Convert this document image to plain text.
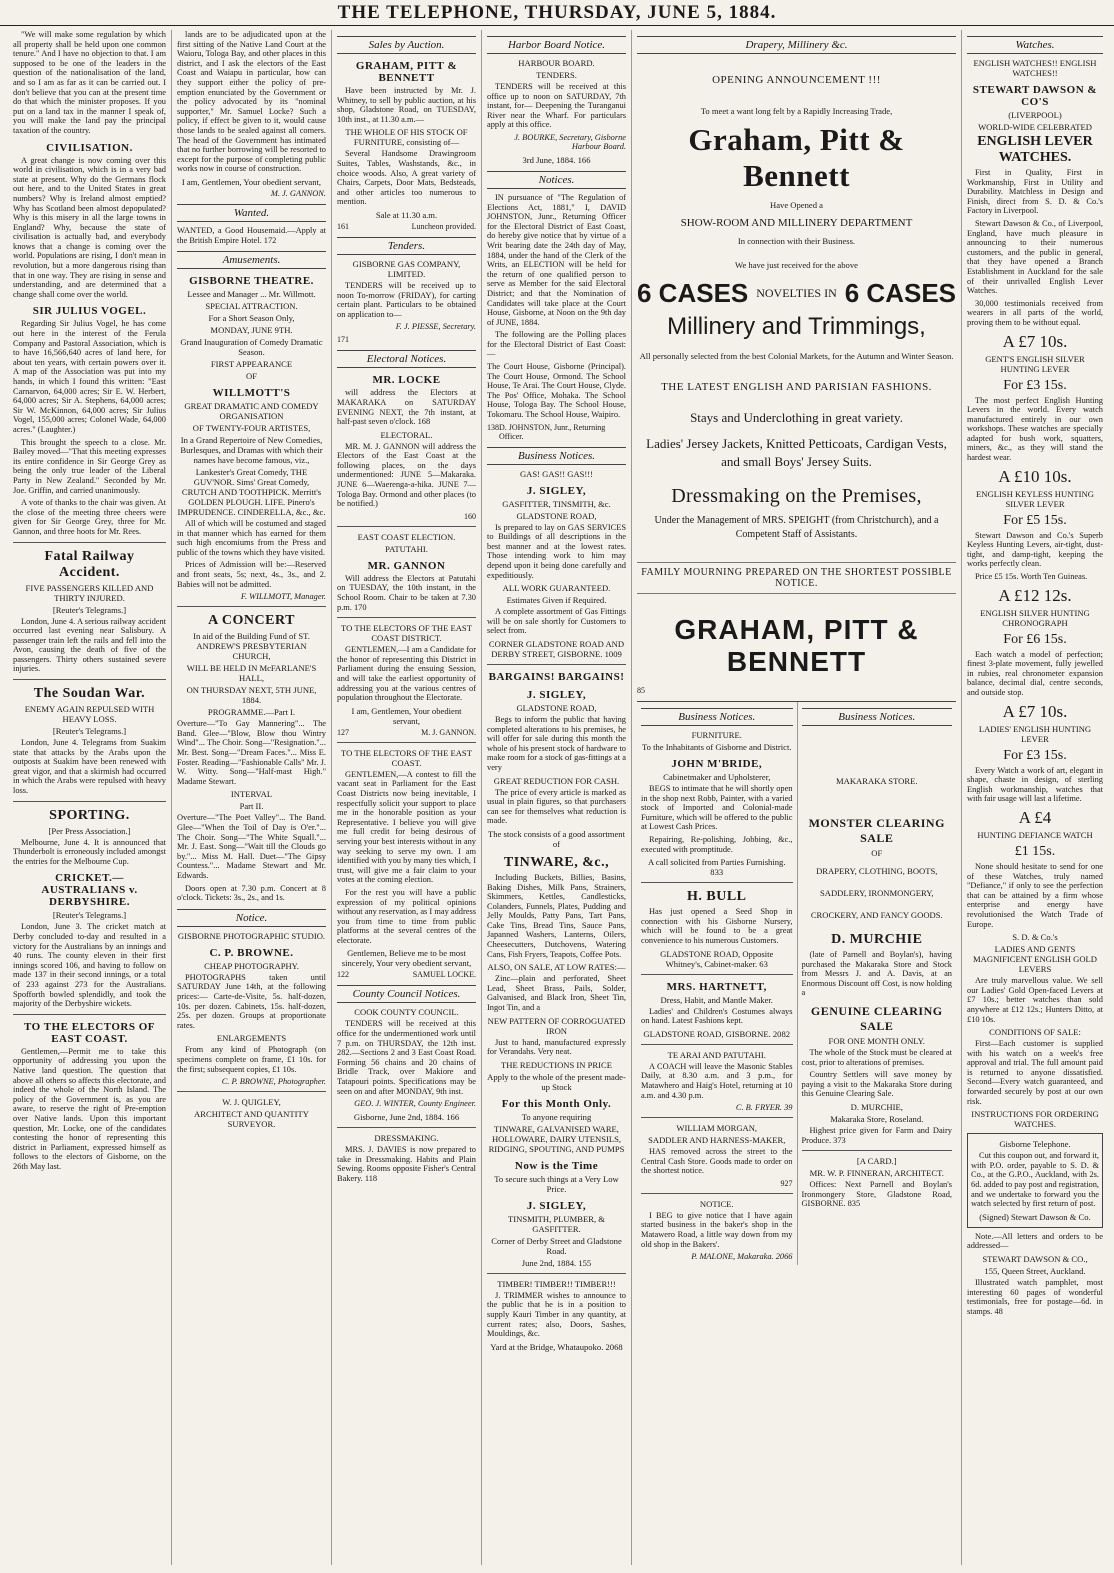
THE TELEPHONE, THURSDAY, JUNE 5, 1884.

"We will make some regulation by which all property shall be held upon one common tenure." And I have no objection to that. I am supposed to be one of the leaders in the question of the nationalisation of the land, and so I am as far as it can be carried out. I don't believe that you can at the present time do that which the minister proposes. If you put on a land tax in the manner I speak of, you will make the land pay the principal taxation of the country.

CIVILISATION.

A great change is now coming over this world in civilisation, which is in a very bad state at present. Why do the Germans flock out here, and to the United States in great numbers? Why is Ireland almost emptied? Why has Scotland been almost depopulated? Why is this misery in all the large towns in England? Why, because the state of civilisation is actually bad, and everybody knows that a change is coming over the world. Populations are rising, I don't mean in revolution, but a more dangerous rising than that in one way. They are rising in sense and understanding, and are determined that a change shall come over the world.

SIR JULIUS VOGEL.

Regarding Sir Julius Vogel, he has come out here in the interest of the Ferula Company and Pastoral Association, which is to have 16,566,640 acres of land here, for about ten years, with certain powers over it. A map of the Association was put into my hands, in which I found this written: "East Carnarvon, 64,000 acres; Sir E. W. Herbert, 64,000 acres; Sir A. Stephens, 64,000 acres; Sir W. McKinnon, 64,000 acres; Sir Julius Vogel, 155,000 acres; Colonel Wade, 64,000 acres." (Laughter.)

This brought the speech to a close. Mr. Bailey moved—"That this meeting expresses its entire confidence in Sir George Grey as being the only true leader of the Liberal Party in New Zealand." Seconded by Mr. Joe. Griffin, and carried unanimously.

A vote of thanks to the chair was given. At the close of the meeting three cheers were given for Sir George Grey, three for Mr. Gannon, and three hoots for Mr. Rees.

Fatal Railway Accident.
FIVE PASSENGERS KILLED AND THIRTY INJURED.
[Reuter's Telegrams.]

London, June 4. A serious railway accident occurred last evening near Salisbury. A passenger train left the rails and fell into the Avon, causing the death of five of the passengers. Thirty others sustained severe injuries.

The Soudan War.
ENEMY AGAIN REPULSED WITH HEAVY LOSS.
[Reuter's Telegrams.]

London, June 4. Telegrams from Suakim state that attacks by the Arabs upon the outposts at Suakim have been renewed with great vigor, and that a skirmish had occurred in which the Arabs were repulsed with heavy loss.

SPORTING.
[Per Press Association.]

Melbourne, June 4. It is announced that Thunderbolt is erroneously included amongst the entries for the Melbourne Cup.

CRICKET.—AUSTRALIANS v. DERBYSHIRE.
[Reuter's Telegrams.]

London, June 3. The cricket match at Derby concluded to-day and resulted in a victory for the Australians by an innings and 40 runs. The county eleven in their first innings scored 106, and having to follow on made 137 in their second innings, or a total of 233 against 273 for the Australians. Spofforth bowled splendidly, and took the majority of the Derbyshire wickets.

TO THE ELECTORS OF EAST COAST.

Gentlemen,—Permit me to take this opportunity of addressing you upon the Native land question. The question that above all others so affects this electorate, and indeed the whole of the North Island. The policy of the Government is, as you are aware, to reserve the right of Pre-emption over Native lands. Upon this important question, Mr. Locke, one of the candidates contesting the honor of representing this district in Parliament, expressed himself as follows to the electors of Gisborne, on the 26th May last.

lands are to be adjudicated upon at the first sitting of the Native Land Court at the Waioru, Tologa Bay, and other places in this district, and I ask the electors of the East Coast and Waiapu in particular, how can they support either the policy of pre-emption enunciated by the Government or the policy advocated by its "nominal supporter," Mr. Samuel Locke? Such a policy, if effect be given to it, would cause those lands to be sealed against all comers. The head of the Government has intimated that no further borrowing will be resorted to except for the purpose of completing public works now in course of construction.

I am, Gentlemen, Your obedient servant,
M. J. GANNON.
Wanted.

WANTED, a Good Housemaid.—Apply at the British Empire Hotel. 172

Amusements.
GISBORNE THEATRE.
Lessee and Manager ... Mr. Willmott.
SPECIAL ATTRACTION.
For a Short Season Only,
MONDAY, JUNE 9TH.
Grand Inauguration of Comedy Dramatic Season.
FIRST APPEARANCE
OF
WILLMOTT'S
GREAT DRAMATIC AND COMEDY ORGANISATION
OF TWENTY-FOUR ARTISTES,
In a Grand Repertoire of New Comedies, Burlesques, and Dramas with which their names have become famous, viz.,
Lankester's Great Comedy, THE GUV'NOR. Sims' Great Comedy, CRUTCH AND TOOTHPICK. Merritt's GOLDEN PLOUGH. LIFE. Pinero's IMPRUDENCE. CINDERELLA, &c., &c.

All of which will be costumed and staged in that manner which has earned for them such high encomiums from the Press and public of the towns which they have visited.

Prices of Admission will be:—Reserved and front seats, 5s; next, 4s., 3s., and 2. Babies will not be admitted.

F. WILLMOTT, Manager.
A CONCERT
In aid of the Building Fund of ST. ANDREW'S PRESBYTERIAN CHURCH,
WILL BE HELD IN McFARLANE'S HALL,
ON THURSDAY NEXT, 5TH JUNE, 1884.
PROGRAMME.—Part I.

Overture—"To Gay Mannering"... The Band. Glee—"Blow, Blow thou Wintry Wind"... The Choir. Song—"Resignation."... Mr. Best. Song—"Dream Faces."... Miss E. Foster. Reading—"Fashionable Calls" Mr. J. W. Witty. Song—"Half-mast High." Madame Stewart.

INTERVAL
Part II.

Overture—"The Poet Valley"... The Band. Glee—"When the Toil of Day is O'er."... The Choir. Song—"The White Squall."... Mr. J. East. Song—"Wait till the Clouds go by."... Miss M. Hall. Duet—"The Gipsy Countess."... Madame Stewart and Mr. Edwards.

Doors open at 7.30 p.m. Concert at 8 o'clock. Tickets: 3s., 2s., and 1s.

Notice.
GISBORNE PHOTOGRAPHIC STUDIO.
C. P. BROWNE.
CHEAP PHOTOGRAPHY.

PHOTOGRAPHS taken until SATURDAY June 14th, at the following prices:— Carte-de-Visite, 5s. half-dozen, 10s. per dozen. Cabinets, 15s. half-dozen, 25s. per dozen. Groups at proportionate rates.

ENLARGEMENTS

From any kind of Photograph (on specimens complete on frame, £1 10s. for the first; subsequent copies, £1 10s.

C. P. BROWNE, Photographer.
W. J. QUIGLEY,
ARCHITECT AND QUANTITY SURVEYOR.
Sales by Auction.
GRAHAM, PITT & BENNETT

Have been instructed by Mr. J. Whitney, to sell by public auction, at his shop, Gladstone Road, on TUESDAY, 10th inst., at 11.30 a.m.—

THE WHOLE OF HIS STOCK OF FURNITURE, consisting of—

Several Handsome Drawingroom Suites, Tables, Washstands, &c., in choice woods. Also, A great variety of Chairs, Carpets, Door Mats, Bedsteads, and other articles too numerous to mention.

Sale at 11.30 a.m.
161	Luncheon provided.
Tenders.
GISBORNE GAS COMPANY, LIMITED.

TENDERS will be received up to noon To-morrow (FRIDAY), for carting certain plant. Particulars to be obtained on application to—

F. J. PIESSE, Secretary.
171
Electoral Notices.
MR. LOCKE

will address the Electors at MAKARAKA on SATURDAY EVENING NEXT, the 7th instant, at half-past seven o'clock. 168

ELECTORAL.

MR. M. J. GANNON will address the Electors of the East Coast at the following places, on the days undermentioned: JUNE 5—Makaraka. JUNE 6—Waerenga-a-hika. JUNE 7—Tologa Bay. Ormond and other places (to be notified.)

160
EAST COAST ELECTION.
PATUTAHI.
MR. GANNON

Will address the Electors at Patutahi on TUESDAY, the 10th instant, in the School Room. Chair to be taken at 7.30 p.m. 170

TO THE ELECTORS OF THE EAST COAST DISTRICT.

GENTLEMEN,—I am a Candidate for the honor of representing this District in Parliament during the ensuing Session, and will take the earliest opportunity of addressing you at the various centres of population throughout the Electorate.

I am, Gentlemen, Your obedient servant,
127	M. J. GANNON.
TO THE ELECTORS OF THE EAST COAST.

GENTLEMEN,—A contest to fill the vacant seat in Parliament for the East Coast Districts now being inevitable, I respectfully solicit your support to place me in the honorable position as your Representative. I believe you will give me full credit for being desirous of serving your best interests without in any way seeking to serve my own. I am identified with you by many ties which, I trust, will give me a fair claim to your votes at the coming election.

For the rest you will have a public expression of my political opinions without any reservation, as I may address you from time to time from public platforms at the several centres of the electorate.

Gentlemen, Believe me to be most sincerely, Your very obedient servant,
122	SAMUEL LOCKE.
County Council Notices.
COOK COUNTY COUNCIL.

TENDERS will be received at this office for the undermentioned work until 7 p.m. on THURSDAY, the 12th inst. 282.—Sections 2 and 3 East Coast Road. Forming 56 chains and 20 chains of Bridle Track, over Makiore and Tatapouri points. Specifications may be seen on and after MONDAY, 9th inst.

GEO. J. WINTER, County Engineer.
Gisborne, June 2nd, 1884. 166
DRESSMAKING.

MRS. J. DAVIES is now prepared to take in Dressmaking. Habits and Plain Sewing. Rooms opposite Fisher's Central Bakery. 118

Harbor Board Notice.
HARBOUR BOARD.
TENDERS.

TENDERS will be received at this office up to noon on SATURDAY, 7th instant, for— Deepening the Turanganui River near the Wharf. For particulars apply at this office.

J. BOURKE, Secretary, Gisborne Harbour Board.
3rd June, 1884. 166
Notices.

IN pursuance of "The Regulation of Elections Act, 1881," I, DAVID JOHNSTON, Junr., Returning Officer for the Electoral District of East Coast, do hereby give notice that by virtue of a Writ bearing date the 24th day of May, 1884, under the hand of the Clerk of the Writs, an ELECTION will be held for the return of one qualified person to serve as Member for the said Electoral District; and that the Nomination of Candidates will take place at the Court House, Gisborne, at Noon on the 9th day of JUNE, 1884.

The following are the Polling places for the Electoral District of East Coast:—

The Court House, Gisborne (Principal). The Court House, Ormond. The School House, Te Arai. The Court House, Clyde. The Pos' Office, Mohaka. The School House, Tologa Bay. The School House, Tokomaru. The School House, Waipiro.

138 D. JOHNSTON, Junr., Returning Officer.
Business Notices.
GAS! GAS!! GAS!!!
J. SIGLEY,
GASFITTER, TINSMITH, &c.
GLADSTONE ROAD,

Is prepared to lay on GAS SERVICES to Buildings of all descriptions in the best manner and at the lowest rates. Those intending work to him may depend upon it being done carefully and expeditiously.

ALL WORK GUARANTEED.
Estimates Given if Required.

A complete assortment of Gas Fittings will be on sale shortly for Customers to select from.

CORNER GLADSTONE ROAD AND DERBY STREET, GISBORNE. 1009
BARGAINS! BARGAINS!
J. SIGLEY,
GLADSTONE ROAD,

Begs to inform the public that having completed alterations to his premises, he will offer for sale during this month the whole of his present stock of hardware to make room for a stock of gas-fittings at a very

GREAT REDUCTION FOR CASH.

The price of every article is marked as usual in plain figures, so that purchasers can see for themselves what reduction is made.

The stock consists of a good assortment of
TINWARE, &c.,

Including Buckets, Billies, Basins, Baking Dishes, Milk Pans, Strainers, Skimmers, Kettles, Candlesticks, Colanders, Funnels, Plates, Pudding and Jelly Moulds, Patty Pans, Tart Pans, Cake Tins, Bread Tins, Sauce Pans, Japanned Washers, Lanterns, Oilers, Cheesecutters, Dutchovens, Watering Cans, Fish Fryers, Teapots, Coffee Pots.

ALSO, ON SALE, AT LOW RATES:—

Zinc—plain and perforated, Sheet Lead, Sheet Brass, Pails, Solder, Galvanised, and Black Iron, Sheet Tin, Ingot Tin, and a

NEW PATTERN OF CORROGUATED IRON

Just to hand, manufactured expressly for Verandahs. Very neat.

THE REDUCTIONS IN PRICE
Apply to the whole of the present made-up Stock
For this Month Only.
To anyone requiring
TINWARE, GALVANISED WARE, HOLLOWARE, DAIRY UTENSILS, RIDGING, SPOUTING, AND PUMPS
Now is the Time
To secure such things at a Very Low Price.
J. SIGLEY,
TINSMITH, PLUMBER, & GASFITTER.
Corner of Derby Street and Gladstone Road.
June 2nd, 1884. 155
TIMBER! TIMBER!! TIMBER!!!

J. TRIMMER wishes to announce to the public that he is in a position to supply Kauri Timber in any quantity, at current rates; also, Doors, Sashes, Mouldings, &c.

Yard at the Bridge, Whataupoko. 2068
Drapery, Millinery &c.
OPENING ANNOUNCEMENT !!!
To meet a want long felt by a Rapidly Increasing Trade,
Graham, Pitt & Bennett
Have Opened a
SHOW-ROOM AND MILLINERY DEPARTMENT
In connection with their Business.
We have just received for the above
6 CASES NOVELTIES IN 6 CASES
Millinery and Trimmings,
All personally selected from the best Colonial Markets, for the Autumn and Winter Season.
THE LATEST ENGLISH AND PARISIAN FASHIONS.
Stays and Underclothing in great variety.
Ladies' Jersey Jackets, Knitted Petticoats, Cardigan Vests, and small Boys' Jersey Suits.
Dressmaking on the Premises,
Under the Management of MRS. SPEIGHT (from Christchurch), and a Competent Staff of Assistants.
FAMILY MOURNING PREPARED ON THE SHORTEST POSSIBLE NOTICE.
GRAHAM, PITT & BENNETT
85
Business Notices.
FURNITURE.
To the Inhabitants of Gisborne and District.
JOHN M'BRIDE,
Cabinetmaker and Upholsterer,

BEGS to intimate that he will shortly open in the shop next Robb, Painter, with a varied stock of Imported and Colonial-made Furniture, which will be offered to the public at Lowest Cash Prices.

Repairing, Re-polishing, Jobbing, &c., executed with promptitude.

A call solicited from Parties Furnishing. 833
H. BULL

Has just opened a Seed Shop in connection with his Gisborne Nursery, which will be found to be a great convenience to his numerous Customers.

GLADSTONE ROAD, Opposite Whitney's, Cabinet-maker. 63
MRS. HARTNETT,
Dress, Habit, and Mantle Maker.

Ladies' and Children's Costumes always on hand. Latest Fashions kept.

GLADSTONE ROAD, GISBORNE. 2082
TE ARAI AND PATUTAHI.

A COACH will leave the Masonic Stables Daily, at 8.30 a.m. and 3 p.m., for Matawhero and Haig's Hotel, returning at 10 a.m. and 4.30 p.m.

C. B. FRYER. 39
WILLIAM MORGAN,
SADDLER AND HARNESS-MAKER,

HAS removed across the street to the Central Cash Store. Goods made to order on the shortest notice.

927
NOTICE.

I BEG to give notice that I have again started business in the baker's shop in the Matawero Road, a little way down from my old shop in the Bakers'.

P. MALONE, Makaraka. 2066
Business Notices.
MAKARAKA STORE.
MONSTER CLEARING SALE
OF
DRAPERY, CLOTHING, BOOTS, SADDLERY, IRONMONGERY, CROCKERY, AND FANCY GOODS.
D. MURCHIE

(late of Parnell and Boylan's), having purchased the Makaraka Store and Stock from Messrs J. and A. Davis, at an Enormous Discount off Cost, is now holding a

GENUINE CLEARING SALE
FOR ONE MONTH ONLY.

The whole of the Stock must be cleared at cost, prior to alterations of premises.

Country Settlers will save money by paying a visit to the Makaraka Store during this Genuine Clearing Sale.

D. MURCHIE,
Makaraka Store, Roseland.

Highest price given for Farm and Dairy Produce. 373

[A CARD.]
MR. W. P. FINNERAN, ARCHITECT.

Offices: Next Parnell and Boylan's Ironmongery Store, Gladstone Road, GISBORNE. 835

Watches.
ENGLISH WATCHES!! ENGLISH WATCHES!!
STEWART DAWSON & CO'S
(LIVERPOOL)
WORLD-WIDE CELEBRATED
ENGLISH LEVER WATCHES.

First in Quality, First in Workmanship, First in Utility and Durability. Matchless in Design and Finish, direct from S. D. & Co.'s Factory in Liverpool.

Stewart Dawson & Co., of Liverpool, England, have much pleasure in announcing to their numerous customers, and the public in general, that they have opened a Branch Establishment in Auckland for the sale of their unrivalled English Lever Watches.

30,000 testimonials received from wearers in all parts of the world, proving them to be without equal.

A £7 10s.
GENT'S ENGLISH SILVER HUNTING LEVER
For £3 15s.

The most perfect English Hunting Levers in the world. Every watch manufactured entirely in our own workshops. These watches are specially adapted for bush work, squatters, miners, &c., as they will stand the hardest wear.

A £10 10s.
ENGLISH KEYLESS HUNTING SILVER LEVER
For £5 15s.

Stewart Dawson and Co.'s Superb Keyless Hunting Levers, air-tight, dust-tight, and damp-tight, keeping the works perfectly clean.

Price £5 15s. Worth Ten Guineas.

A £12 12s.
ENGLISH SILVER HUNTING CHRONOGRAPH
For £6 15s.

Each watch a model of perfection; finest 3-plate movement, fully jewelled in rubies, real chronometer expansion balance, decimal dial, centre seconds, and outside stop.

A £7 10s.
LADIES' ENGLISH HUNTING LEVER
For £3 15s.

Every Watch a work of art, elegant in shape, chaste in design, of sterling English workmanship, watches that with fair usage will last a lifetime.

A £4
HUNTING DEFIANCE WATCH
£1 15s.

None should hesitate to send for one of these Watches, truly named "Defiance," if only to see the perfection that can be attained by a firm whose enterprise and energy have revolutionised the Watch Trade of Europe.

S. D. & Co.'s
LADIES AND GENTS MAGNIFICENT ENGLISH GOLD LEVERS

Are truly marvellous value. We sell our Ladies' Gold Open-faced Levers at £7 10s.; better watches than sold anywhere at £12 12s.; Hunters Ditto, at £10 10s.

CONDITIONS OF SALE:

First—Each customer is supplied with his watch on a week's free approval and trial. The full amount paid is returned to anyone dissatisfied. Second—Every watch guaranteed, and forwarded securely by post at our own risk.

INSTRUCTIONS FOR ORDERING WATCHES.
Gisborne Telephone.

Cut this coupon out, and forward it, with P.O. order, payable to S. D. & Co., at the G.P.O., Auckland, with 2s. 6d. added to pay post and registration, and we undertake to forward you the watch selected by first return of post.

(Signed) Stewart Dawson & Co.

Note.—All letters and orders to be addressed—

STEWART DAWSON & CO.,
155, Queen Street, Auckland.

Illustrated watch pamphlet, most interesting 60 pages of wonderful testimonials, free for postage—6d. in stamps. 48
